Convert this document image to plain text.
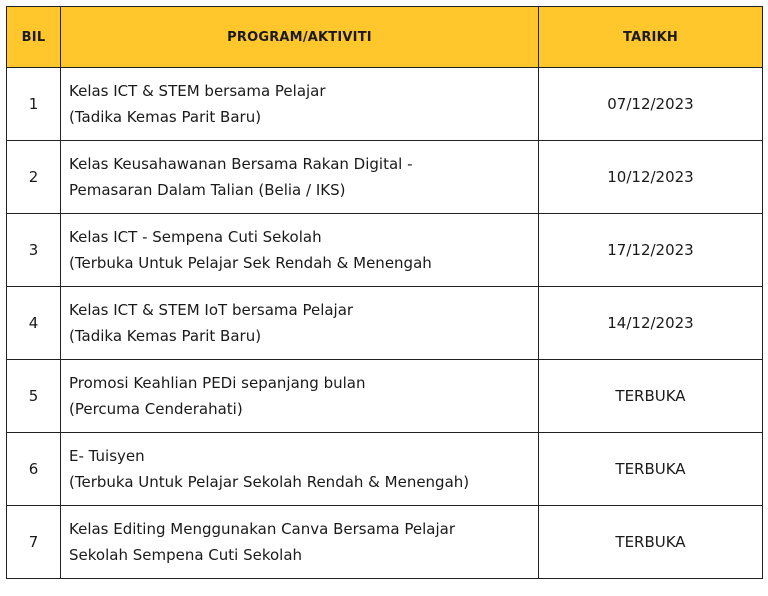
BIL	PROGRAM/AKTIVITI	TARIKH
1	Kelas ICT & STEM bersama Pelajar
(Tadika Kemas Parit Baru)	07/12/2023
2	Kelas Keusahawanan Bersama Rakan Digital -
Pemasaran Dalam Talian (Belia / IKS)	10/12/2023
3	Kelas ICT - Sempena Cuti Sekolah
(Terbuka Untuk Pelajar Sek Rendah & Menengah	17/12/2023
4	Kelas ICT & STEM IoT bersama Pelajar
(Tadika Kemas Parit Baru)	14/12/2023
5	Promosi Keahlian PEDi sepanjang bulan
(Percuma Cenderahati)	TERBUKA
6	E- Tuisyen
(Terbuka Untuk Pelajar Sekolah Rendah & Menengah)	TERBUKA
7	Kelas Editing Menggunakan Canva Bersama Pelajar
Sekolah Sempena Cuti Sekolah	TERBUKA
